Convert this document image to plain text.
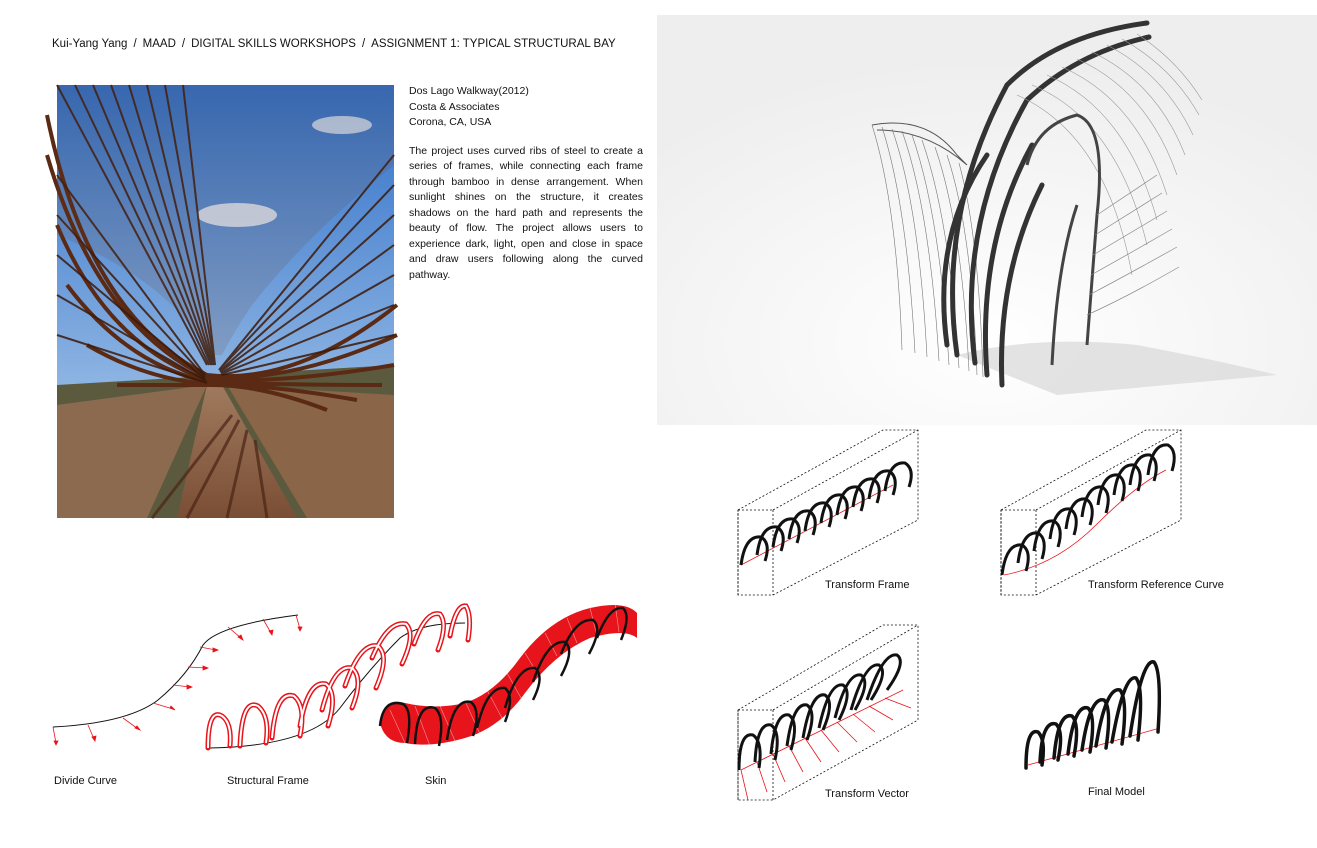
Kui-Yang Yang / MAAD / DIGITAL SKILLS WORKSHOPS / ASSIGNMENT 1: TYPICAL STRUCTURAL BAY
Dos Lago Walkway(2012)
Costa & Associates
Corona, CA, USA
The project uses curved ribs of steel to create a series of frames, while connecting each frame through bamboo in dense arrangement. When sunlight shines on the structure, it creates shadows on the hard path and represents the beauty of flow. The project allows users to experience dark, light, open and close in space and draw users following along the curved pathway.
Divide Curve	Structural Frame	Skin
Transform Frame	Transform Reference Curve
Transform Vector	Final Model
